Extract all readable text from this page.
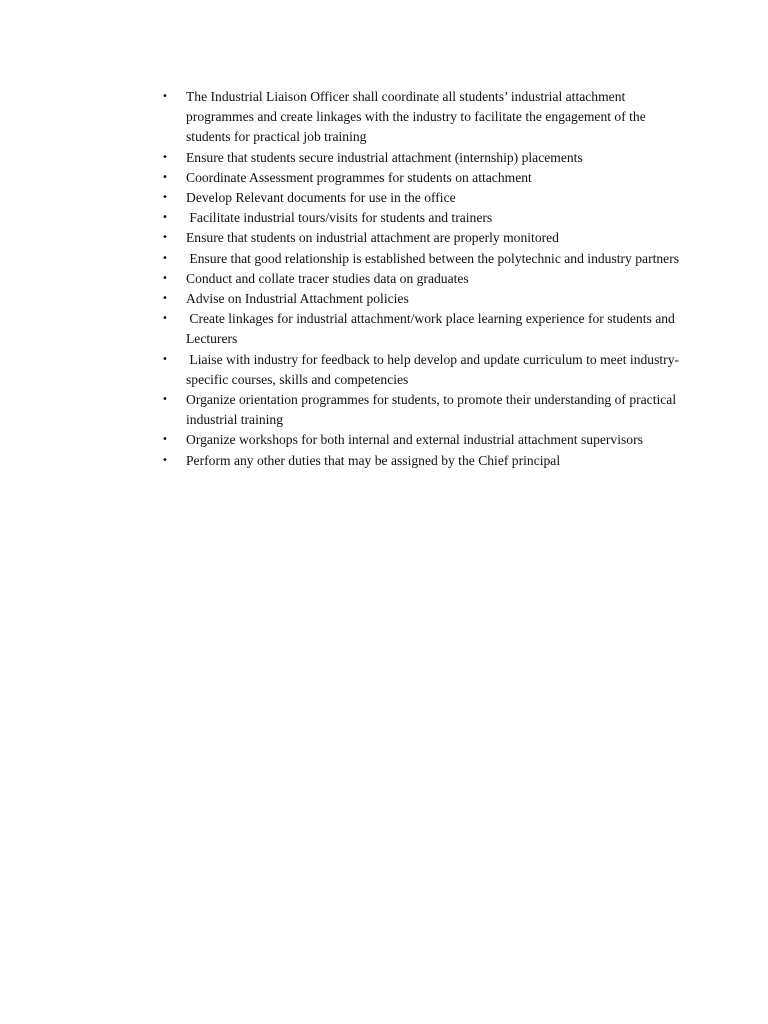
• The Industrial Liaison Officer shall coordinate all students’ industrial attachment programmes and create linkages with the industry to facilitate the engagement of the students for practical job training
• Ensure that students secure industrial attachment (internship) placements
• Coordinate Assessment programmes for students on attachment
• Develop Relevant documents for use in the office
• Facilitate industrial tours/visits for students and trainers
• Ensure that students on industrial attachment are properly monitored
• Ensure that good relationship is established between the polytechnic and industry partners
• Conduct and collate tracer studies data on graduates
• Advise on Industrial Attachment policies
• Create linkages for industrial attachment/work place learning experience for students and Lecturers
• Liaise with industry for feedback to help develop and update curriculum to meet industry-specific courses, skills and competencies
• Organize orientation programmes for students, to promote their understanding of practical industrial training
• Organize workshops for both internal and external industrial attachment supervisors
• Perform any other duties that may be assigned by the Chief principal
